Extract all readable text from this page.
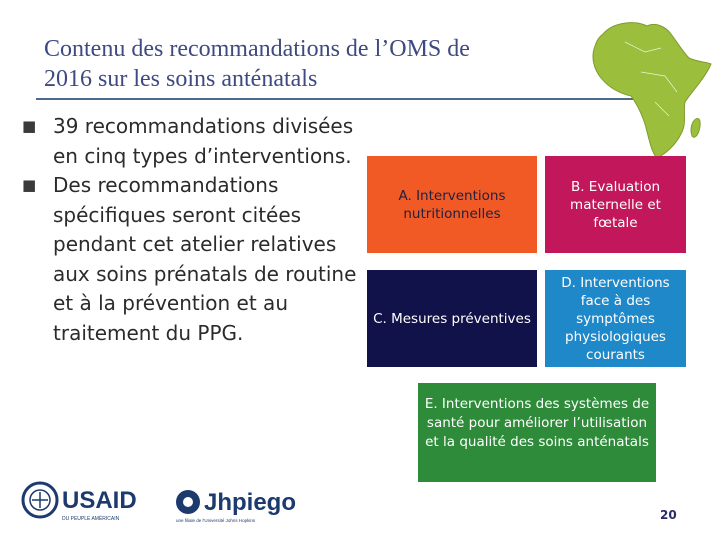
Contenu des recommandations de l’OMS de
2016 sur les soins anténatals
■ 39 recommandations divisées en cinq types d’interventions.
■ Des recommandations spécifiques seront citées pendant cet atelier relatives aux soins prénatals de routine et à la prévention et au traitement du PPG.
A. Interventions nutritionnelles
B. Evaluation maternelle et fœtale
C. Mesures préventives
D. Interventions face à des symptômes physiologiques courants
E. Interventions des systèmes de
santé pour améliorer l’utilisation
et la qualité des soins anténatals
USAID
DU PEUPLE AMÉRICAIN
Jhpiego
une filiale de l'Université Johns Hopkins	20
